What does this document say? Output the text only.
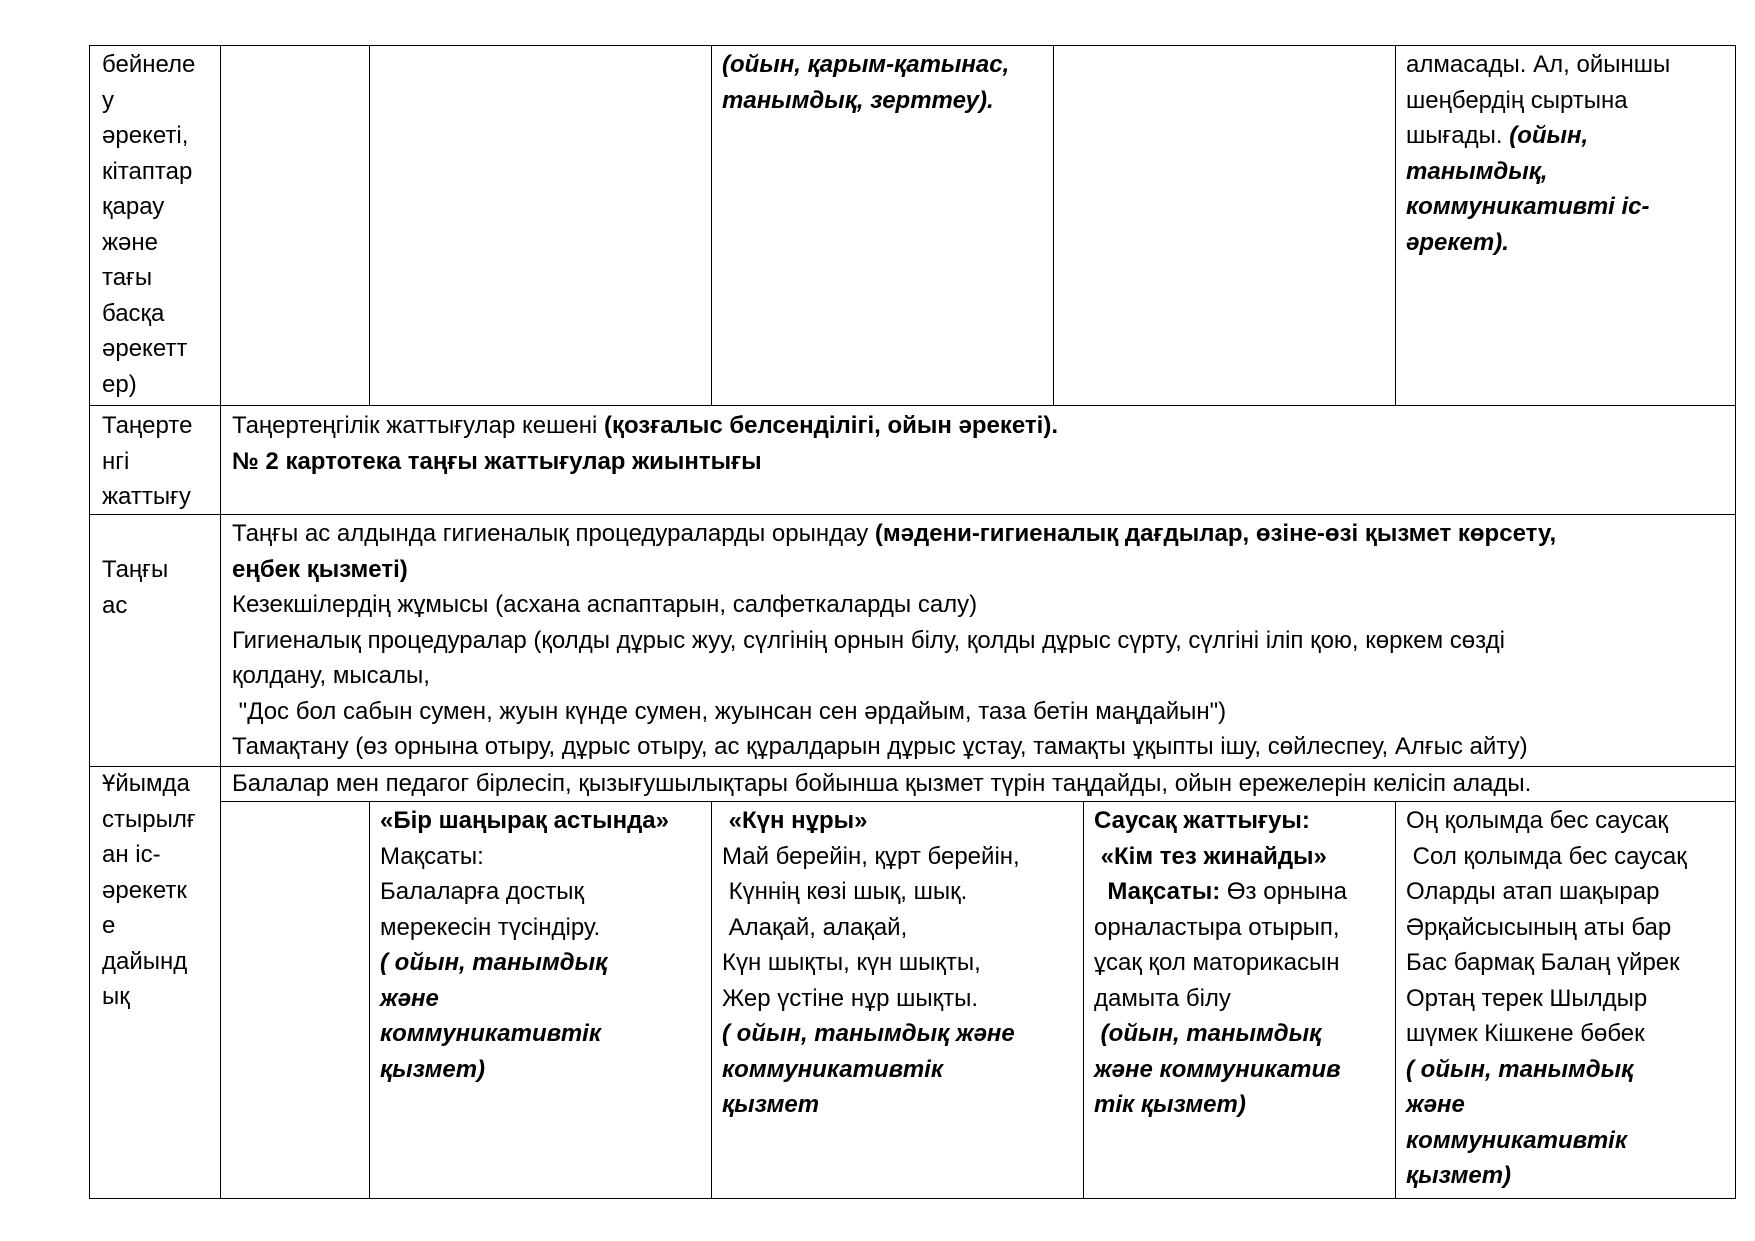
бейнеле
у
әрекеті,
кітаптар
қарау
және
тағы
басқа
әрекетт
ер)
(ойын, қарым-қатынас,
танымдық, зерттеу).
алмасады. Ал, ойыншы
шеңбердің сыртына
шығады. (ойын,
танымдық,
коммуникативті іс-
әрекет).
Таңерте
нгі
жаттығу
Таңертеңгілік жаттығулар кешені (қозғалыс белсенділігі, ойын әрекеті).
№ 2 картотека таңғы жаттығулар жиынтығы
Таңғы
ас
Таңғы ас алдында гигиеналық процедураларды орындау (мәдени-гигиеналық дағдылар, өзіне-өзі қызмет көрсету,
еңбек қызметі)
Кезекшілердің жұмысы (асхана аспаптарын, салфеткаларды салу)
Гигиеналық процедуралар (қолды дұрыс жуу, сүлгінің орнын білу, қолды дұрыс сүрту, сүлгіні іліп қою, көркем сөзді
қолдану, мысалы,
"Дос бол сабын сумен, жуын күнде сумен, жуынсан сен әрдайым, таза бетін маңдайын")
Тамақтану (өз орнына отыру, дұрыс отыру, ас құралдарын дұрыс ұстау, тамақты ұқыпты ішу, сөйлеспеу, Алғыс айту)
Ұйымда
стырылғ
ан іс-
әрекетк
е
дайынд
ық
Балалар мен педагог бірлесіп, қызығушылықтары бойынша қызмет түрін таңдайды, ойын ережелерін келісіп алады.
«Бір шаңырақ астында»
Мақсаты:
Балаларға достық
мерекесін түсіндіру.
( ойын, танымдық
және
коммуникативтік
қызмет)
«Күн нұры»
Май берейін, құрт берейін,
Күннің көзі шық, шық.
Алақай, алақай,
Күн шықты, күн шықты,
Жер үстіне нұр шықты.
( ойын, танымдық және
коммуникативтік
қызмет
Саусақ жаттығуы:
«Кім тез жинайды»
Мақсаты: Өз орнына
орналастыра отырып,
ұсақ қол маторикасын
дамыта білу
(ойын, танымдық
және коммуникатив
тік қызмет)
Оң қолымда бес саусақ
Сол қолымда бес саусақ
Оларды атап шақырар
Әрқайсысының аты бар
Бас бармақ Балаң үйрек
Ортаң терек Шылдыр
шүмек Кішкене бөбек
( ойын, танымдық
және
коммуникативтік
қызмет)
